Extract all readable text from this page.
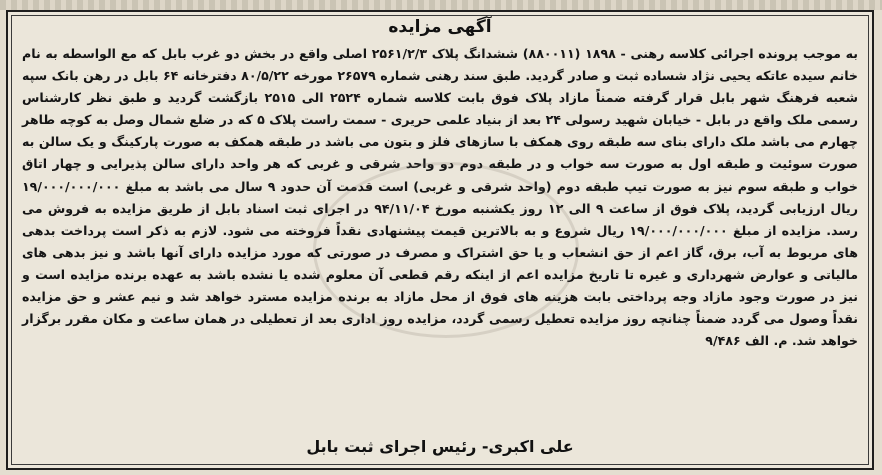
آگهی مزایده

به موجب پرونده اجرائی کلاسه رهنی - ۱۸۹۸ (۸۸۰۰۱۱) ششدانگ پلاک ۲۵۶۱/۲/۳ اصلی واقع در بخش دو غرب بابل که مع الواسطه به نام خانم سیده عاتکه یحیی نژاد شساده ثبت و صادر گردید. طبق سند رهنی شماره ۲۶۵۷۹ مورخه ۸۰/۵/۲۲ دفترخانه ۶۴ بابل در رهن بانک سپه شعبه فرهنگ شهر بابل قرار گرفته ضمناً مازاد پلاک فوق بابت کلاسه شماره ۲۵۲۴ الی ۲۵۱۵ بازگشت گردید و طبق نظر کارشناس رسمی ملک واقع در بابل - خیابان شهید رسولی ۲۴ بعد از بنیاد علمی حریری - سمت راست پلاک ۵ که در ضلع شمال وصل به کوچه طاهر چهارم می باشد ملک دارای بنای سه طبقه روی همکف با سازهای فلز و بتون می باشد در طبقه همکف به صورت پارکینگ و یک سالن به صورت سوئیت و طبقه اول به صورت سه خواب و در طبقه دوم دو واحد شرقی و غربی که هر واحد دارای سالن پذیرایی و چهار اتاق خواب و طبقه سوم نیز به صورت تیپ طبقه دوم (واحد شرقی و غربی) است قدمت آن حدود ۹ سال می باشد به مبلغ ۱۹/۰۰۰/۰۰۰/۰۰۰ ریال ارزیابی گردید، پلاک فوق از ساعت ۹ الی ۱۲ روز یکشنبه مورخ ۹۴/۱۱/۰۴ در اجرای ثبت اسناد بابل از طریق مزایده به فروش می رسد. مزایده از مبلغ ۱۹/۰۰۰/۰۰۰/۰۰۰ ریال شروع و به بالاترین قیمت پیشنهادی نقداً فروخته می شود. لازم به ذکر است پرداخت بدهی های مربوط به آب، برق، گاز اعم از حق انشعاب و یا حق اشتراک و مصرف در صورتی که مورد مزایده دارای آنها باشد و نیز بدهی های مالیاتی و عوارض شهرداری و غیره تا تاریخ مزایده اعم از اینکه رقم قطعی آن معلوم شده یا نشده باشد به عهده برنده مزایده است و نیز در صورت وجود مازاد وجه پرداختی بابت هزینه های فوق از محل مازاد به برنده مزایده مسترد خواهد شد و نیم عشر و حق مزایده نقداً وصول می گردد ضمناً چنانچه روز مزایده تعطیل رسمی گردد، مزایده روز اداری بعد از تعطیلی در همان ساعت و مکان مقرر برگزار خواهد شد. م. الف ۹/۴۸۶

علی اکبری- رئیس اجرای ثبت بابل
